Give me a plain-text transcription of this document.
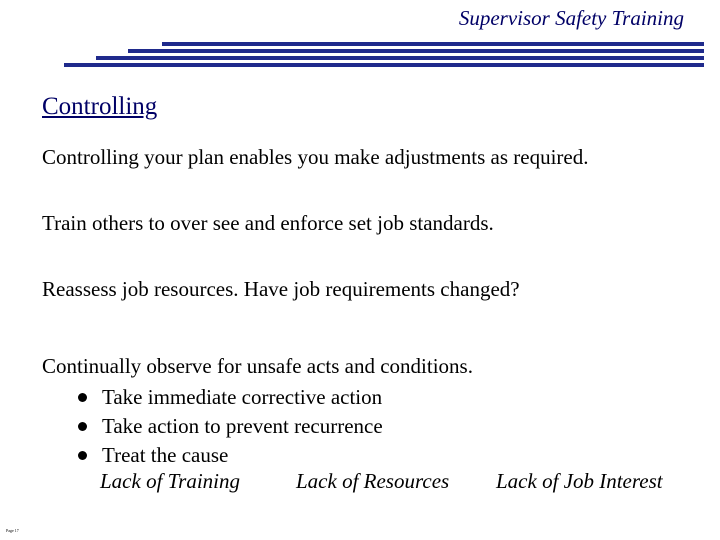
Supervisor Safety Training
Controlling
Controlling your plan enables you make adjustments as required.
Train others to over see and enforce set job standards.
Reassess job resources. Have job requirements changed?
Continually observe for unsafe acts and conditions.
Take immediate corrective action
Take action to prevent recurrence
Treat the cause
Lack of Training	Lack of Resources Lack of Job Interest
Page 17
